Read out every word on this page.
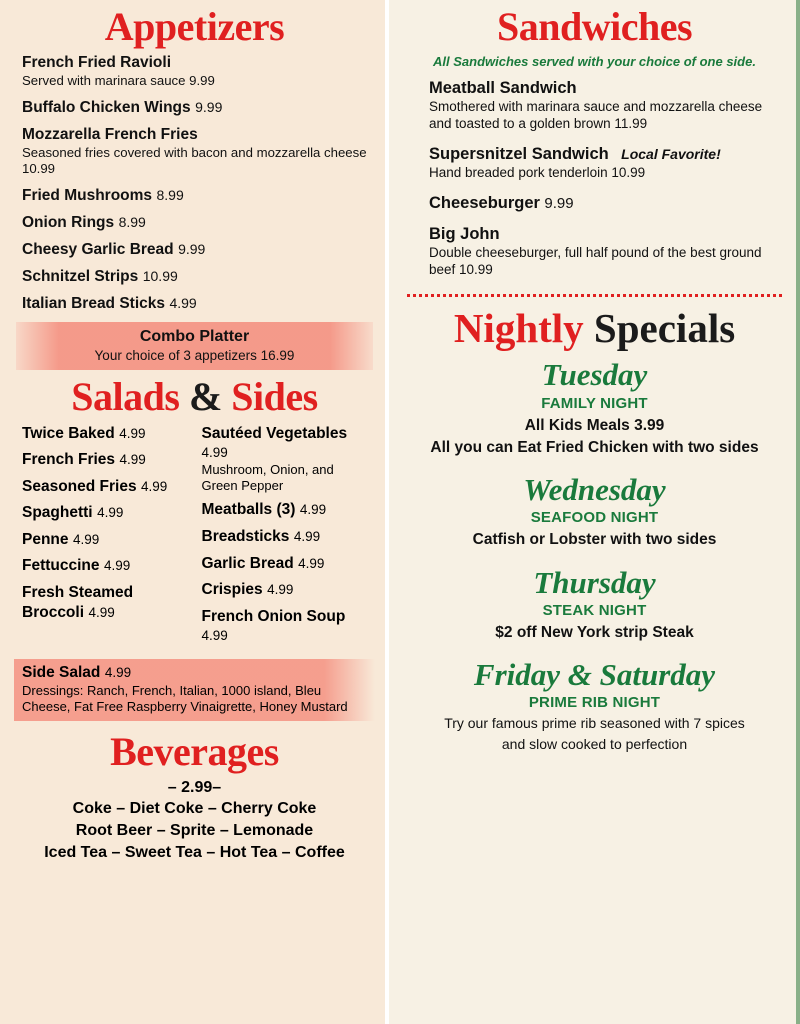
Appetizers
French Fried Ravioli
Served with marinara sauce 9.99
Buffalo Chicken Wings 9.99
Mozzarella French Fries
Seasoned fries covered with bacon and mozzarella cheese 10.99
Fried Mushrooms 8.99
Onion Rings 8.99
Cheesy Garlic Bread 9.99
Schnitzel Strips 10.99
Italian Bread Sticks 4.99
Combo Platter
Your choice of 3 appetizers 16.99
Salads & Sides
Twice Baked 4.99
French Fries 4.99
Seasoned Fries 4.99
Spaghetti 4.99
Penne 4.99
Fettuccine 4.99
Fresh Steamed Broccoli 4.99
Sautéed Vegetables 4.99
Mushroom, Onion, and Green Pepper
Meatballs (3) 4.99
Breadsticks 4.99
Garlic Bread 4.99
Crispies 4.99
French Onion Soup 4.99
Side Salad 4.99
Dressings: Ranch, French, Italian, 1000 island, Bleu Cheese, Fat Free Raspberry Vinaigrette, Honey Mustard
Beverages
– 2.99–
Coke – Diet Coke – Cherry Coke
Root Beer – Sprite – Lemonade
Iced Tea – Sweet Tea – Hot Tea – Coffee
Sandwiches
All Sandwiches served with your choice of one side.
Meatball Sandwich
Smothered with marinara sauce and mozzarella cheese and toasted to a golden brown 11.99
Supersnitzel Sandwich Local Favorite!
Hand breaded pork tenderloin 10.99
Cheeseburger 9.99
Big John
Double cheeseburger, full half pound of the best ground beef 10.99
Nightly Specials
Tuesday
FAMILY NIGHT
All Kids Meals 3.99
All you can Eat Fried Chicken with two sides
Wednesday
SEAFOOD NIGHT
Catfish or Lobster with two sides
Thursday
STEAK NIGHT
$2 off New York strip Steak
Friday & Saturday
PRIME RIB NIGHT
Try our famous prime rib seasoned with 7 spices
and slow cooked to perfection
